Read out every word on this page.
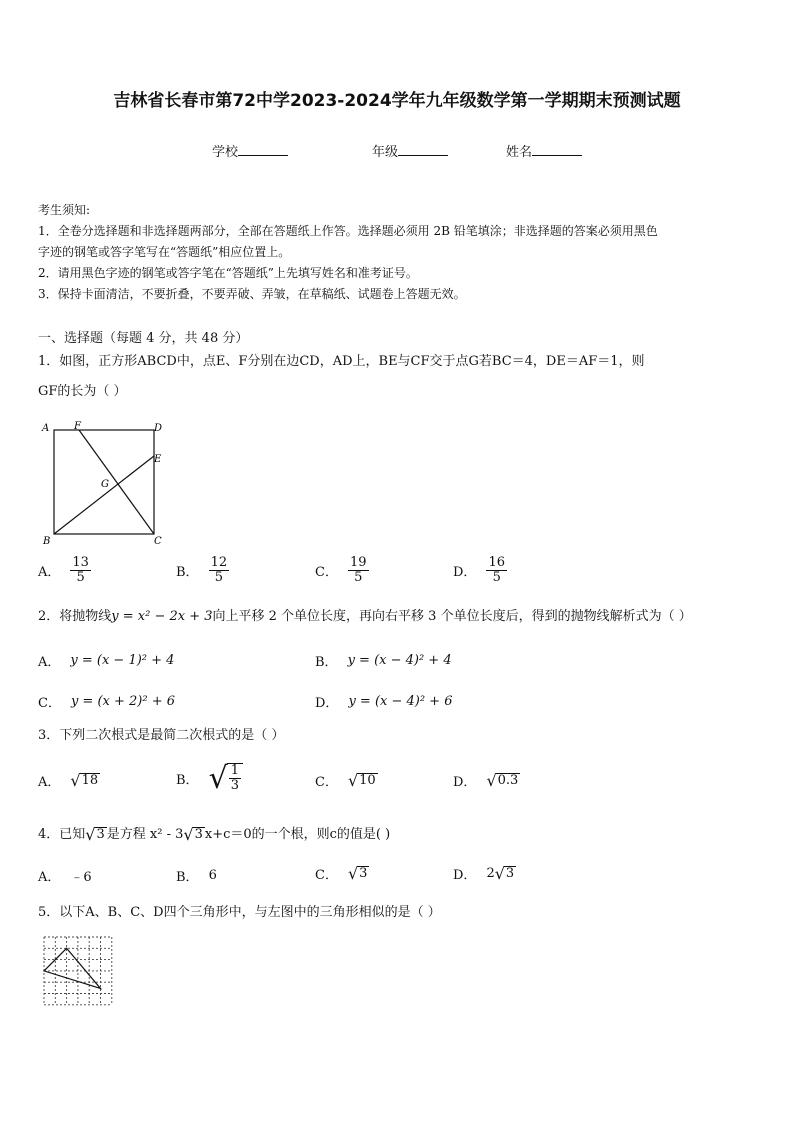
吉林省长春市第72中学2023-2024学年九年级数学第一学期期末预测试题
学校	年级	姓名
考生须知:
1．全卷分选择题和非选择题两部分，全部在答题纸上作答。选择题必须用 2B 铅笔填涂；非选择题的答案必须用黑色
字迹的钢笔或答字笔写在“答题纸”相应位置上。
2．请用黑色字迹的钢笔或答字笔在“答题纸”上先填写姓名和准考证号。
3．保持卡面清洁，不要折叠，不要弄破、弄皱，在草稿纸、试题卷上答题无效。
一、选择题（每题 4 分，共 48 分）
1．如图，正方形ABCD中，点E、F分别在边CD，AD上，BE与CF交于点G若BC＝4，DE＝AF＝1，则
GF的长为（ ）
A F	D
E
G
B	C
A． $\frac{13}{5}$	B． $\frac{12}{5}$	C． $\frac{19}{5}$	D． $\frac{16}{5}$
2．将抛物线y = x² − 2x + 3向上平移 2 个单位长度，再向右平移 3 个单位长度后，得到的抛物线解析式为（ ）
A． y = (x − 1)² + 4	B． y = (x − 4)² + 4
C． y = (x + 2)² + 6	D． y = (x − 4)² + 6
3．下列二次根式是最简二次根式的是（ ）
A． √ 18	B． √ $\frac{1}{3}$	C． √ 10	D． √ 0.3
4．已知 √ 3 是方程 x² - 3 √ 3 x+c＝0的一个根，则c的值是( )
A． ﹣6	B． 6	C． √ 3	D． 2 √ 3
5．以下A、B、C、D四个三角形中，与左图中的三角形相似的是（ ）
